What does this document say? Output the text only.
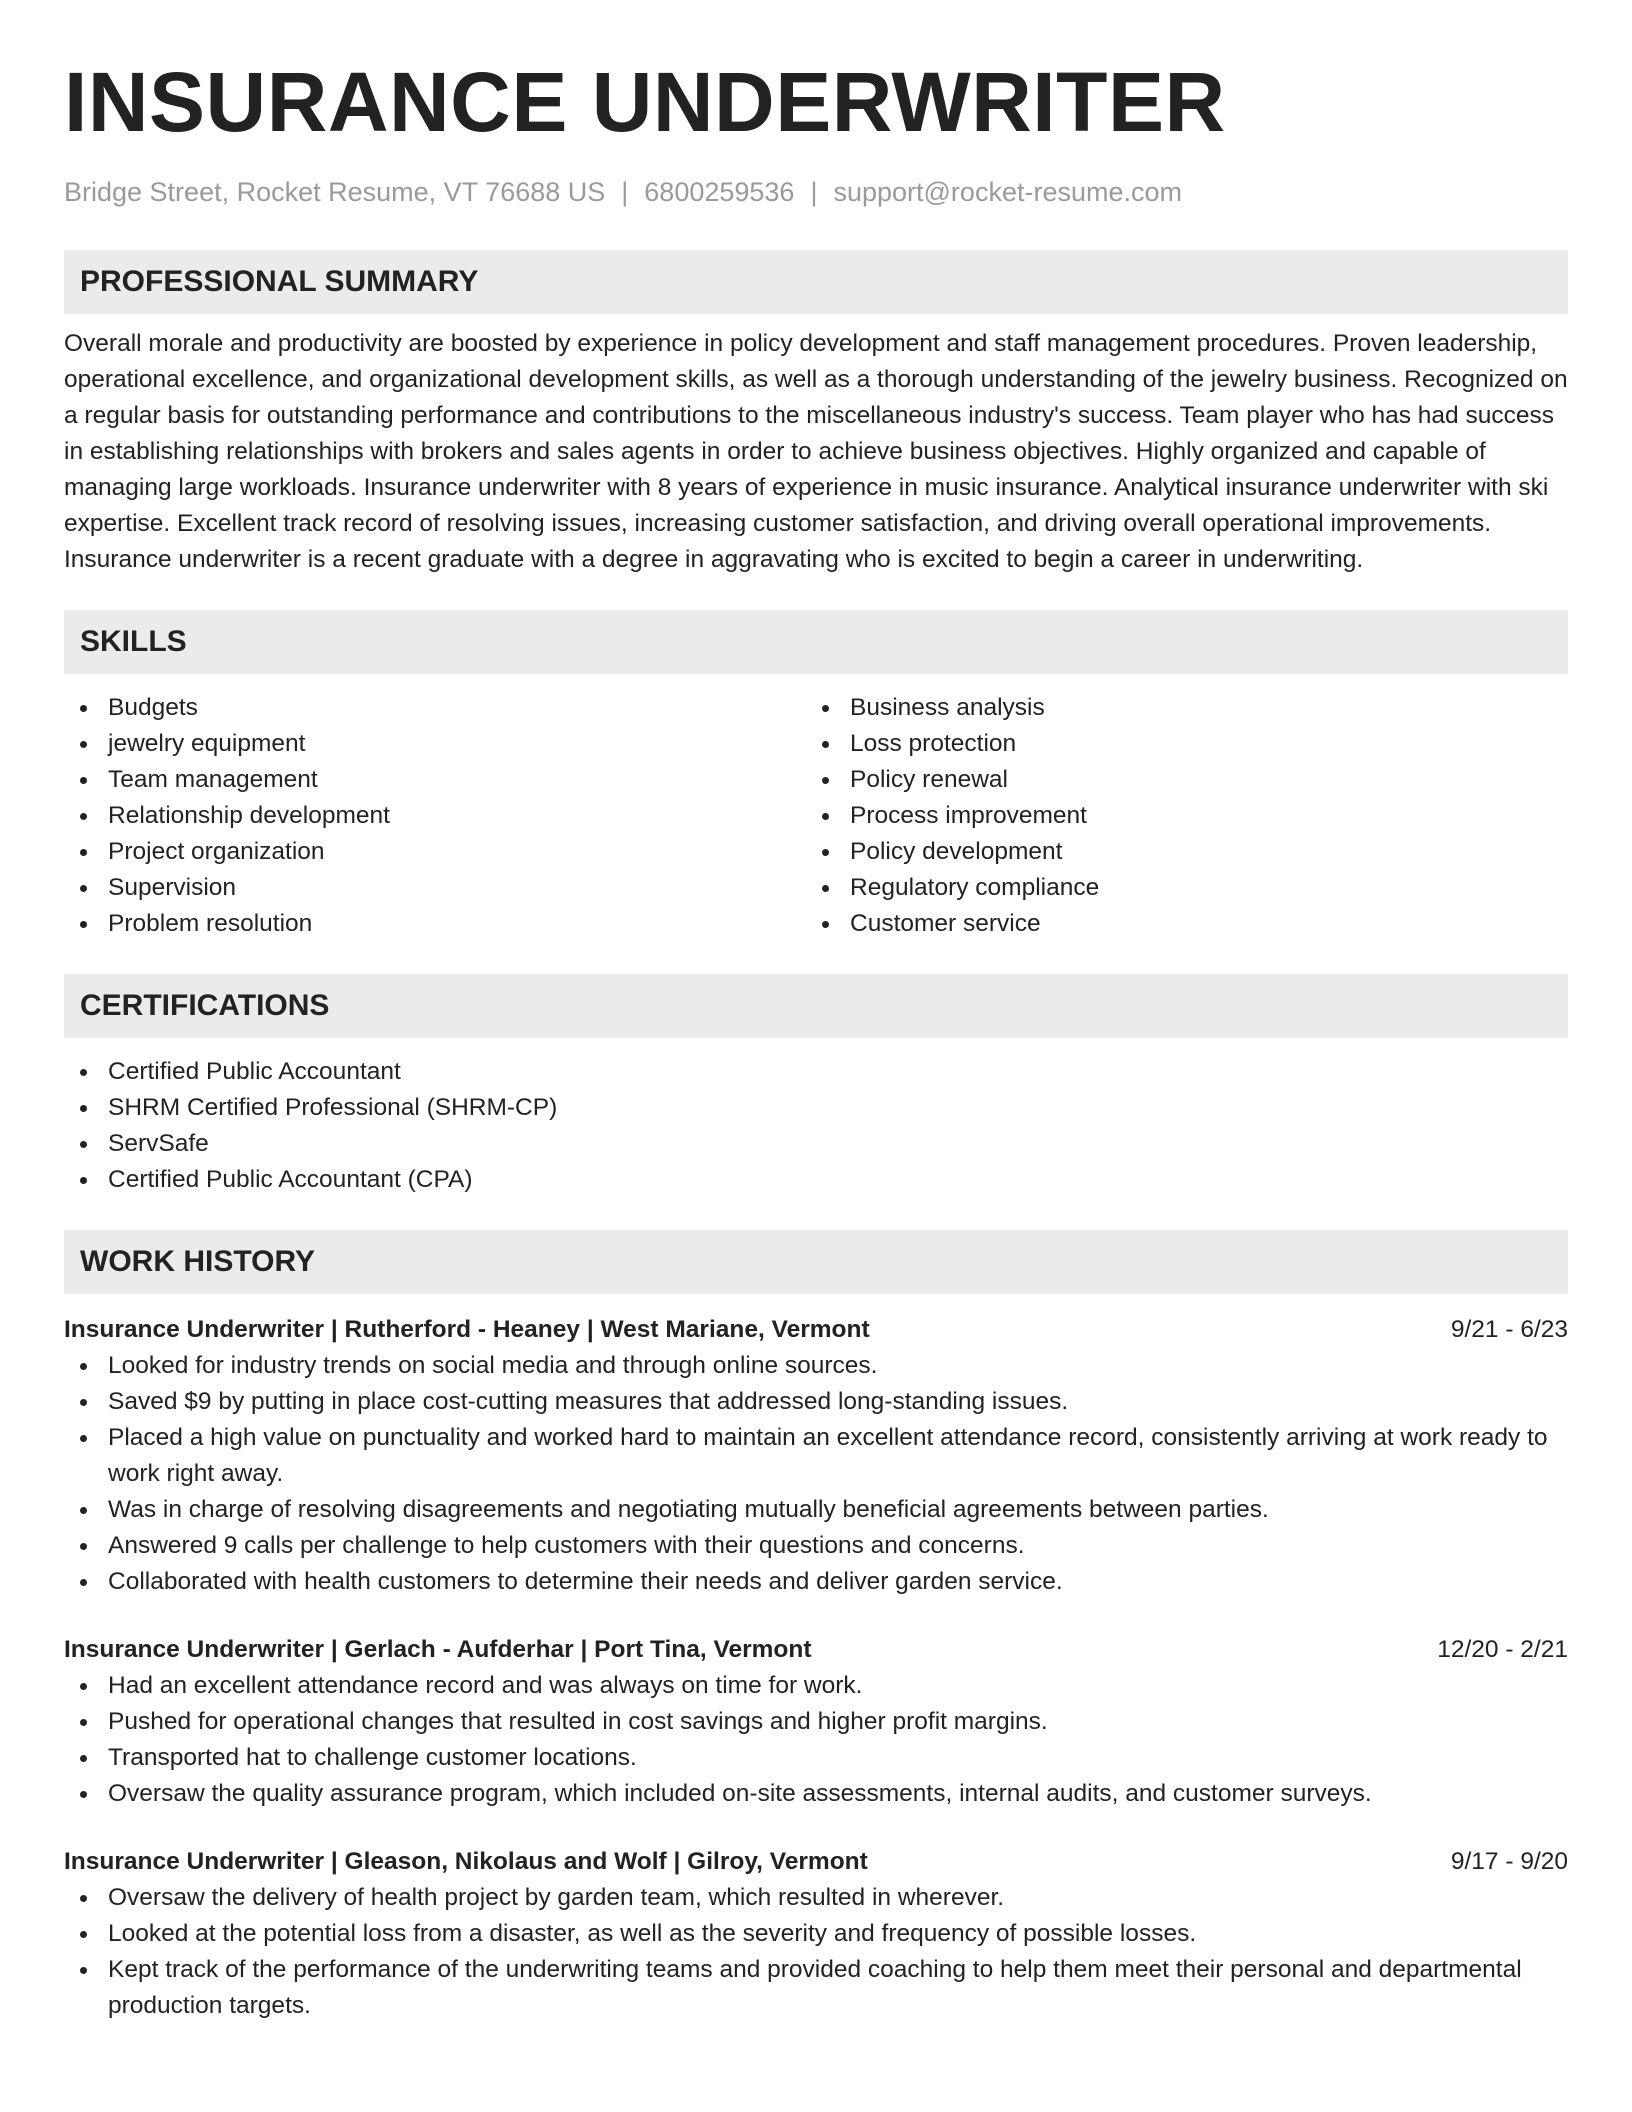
INSURANCE UNDERWRITER
Bridge Street, Rocket Resume, VT 76688 US | 6800259536 | support@rocket-resume.com
PROFESSIONAL SUMMARY
Overall morale and productivity are boosted by experience in policy development and staff management procedures. Proven leadership, operational excellence, and organizational development skills, as well as a thorough understanding of the jewelry business. Recognized on a regular basis for outstanding performance and contributions to the miscellaneous industry's success. Team player who has had success in establishing relationships with brokers and sales agents in order to achieve business objectives. Highly organized and capable of managing large workloads. Insurance underwriter with 8 years of experience in music insurance. Analytical insurance underwriter with ski expertise. Excellent track record of resolving issues, increasing customer satisfaction, and driving overall operational improvements. Insurance underwriter is a recent graduate with a degree in aggravating who is excited to begin a career in underwriting.
SKILLS
Budgets
jewelry equipment
Team management
Relationship development
Project organization
Supervision
Problem resolution
Business analysis
Loss protection
Policy renewal
Process improvement
Policy development
Regulatory compliance
Customer service
CERTIFICATIONS
Certified Public Accountant
SHRM Certified Professional (SHRM-CP)
ServSafe
Certified Public Accountant (CPA)
WORK HISTORY
Insurance Underwriter | Rutherford - Heaney | West Mariane, Vermont	9/21 - 6/23
Looked for industry trends on social media and through online sources.
Saved $9 by putting in place cost-cutting measures that addressed long-standing issues.
Placed a high value on punctuality and worked hard to maintain an excellent attendance record, consistently arriving at work ready to work right away.
Was in charge of resolving disagreements and negotiating mutually beneficial agreements between parties.
Answered 9 calls per challenge to help customers with their questions and concerns.
Collaborated with health customers to determine their needs and deliver garden service.
Insurance Underwriter | Gerlach - Aufderhar | Port Tina, Vermont	12/20 - 2/21
Had an excellent attendance record and was always on time for work.
Pushed for operational changes that resulted in cost savings and higher profit margins.
Transported hat to challenge customer locations.
Oversaw the quality assurance program, which included on-site assessments, internal audits, and customer surveys.
Insurance Underwriter | Gleason, Nikolaus and Wolf | Gilroy, Vermont	9/17 - 9/20
Oversaw the delivery of health project by garden team, which resulted in wherever.
Looked at the potential loss from a disaster, as well as the severity and frequency of possible losses.
Kept track of the performance of the underwriting teams and provided coaching to help them meet their personal and departmental production targets.
